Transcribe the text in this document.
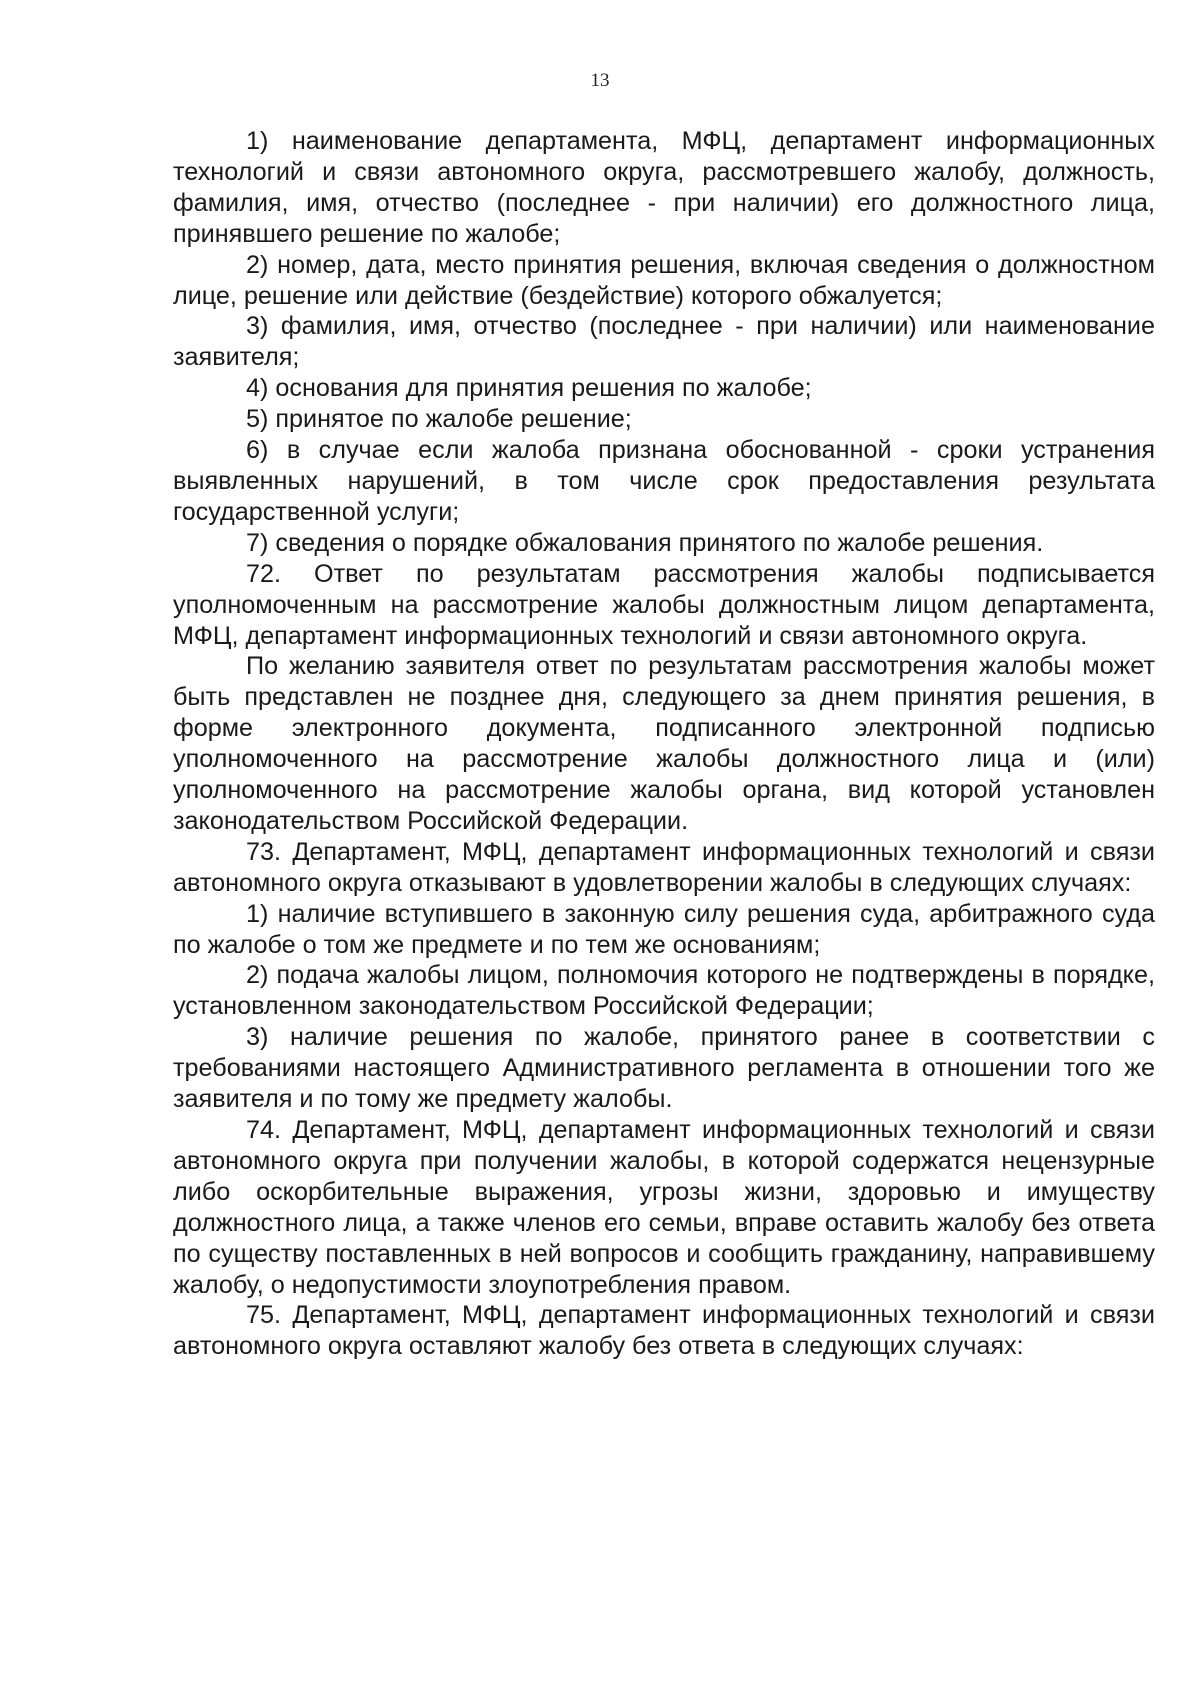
13

1) наименование департамента, МФЦ, департамент информационных технологий и связи автономного округа, рассмотревшего жалобу, должность, фамилия, имя, отчество (последнее - при наличии) его должностного лица, принявшего решение по жалобе;

2) номер, дата, место принятия решения, включая сведения о должностном лице, решение или действие (бездействие) которого обжалуется;

3) фамилия, имя, отчество (последнее - при наличии) или наименование заявителя;

4) основания для принятия решения по жалобе;

5) принятое по жалобе решение;

6) в случае если жалоба признана обоснованной - сроки устранения выявленных нарушений, в том числе срок предоставления результата государственной услуги;

7) сведения о порядке обжалования принятого по жалобе решения.

72. Ответ по результатам рассмотрения жалобы подписывается уполномоченным на рассмотрение жалобы должностным лицом департамента, МФЦ, департамент информационных технологий и связи автономного округа.

По желанию заявителя ответ по результатам рассмотрения жалобы может быть представлен не позднее дня, следующего за днем принятия решения, в форме электронного документа, подписанного электронной подписью уполномоченного на рассмотрение жалобы должностного лица и (или) уполномоченного на рассмотрение жалобы органа, вид которой установлен законодательством Российской Федерации.

73. Департамент, МФЦ, департамент информационных технологий и связи автономного округа отказывают в удовлетворении жалобы в следующих случаях:

1) наличие вступившего в законную силу решения суда, арбитражного суда по жалобе о том же предмете и по тем же основаниям;

2) подача жалобы лицом, полномочия которого не подтверждены в порядке, установленном законодательством Российской Федерации;

3) наличие решения по жалобе, принятого ранее в соответствии с требованиями настоящего Административного регламента в отношении того же заявителя и по тому же предмету жалобы.

74. Департамент, МФЦ, департамент информационных технологий и связи автономного округа при получении жалобы, в которой содержатся нецензурные либо оскорбительные выражения, угрозы жизни, здоровью и имуществу должностного лица, а также членов его семьи, вправе оставить жалобу без ответа по существу поставленных в ней вопросов и сообщить гражданину, направившему жалобу, о недопустимости злоупотребления правом.

75. Департамент, МФЦ, департамент информационных технологий и связи автономного округа оставляют жалобу без ответа в следующих случаях:
